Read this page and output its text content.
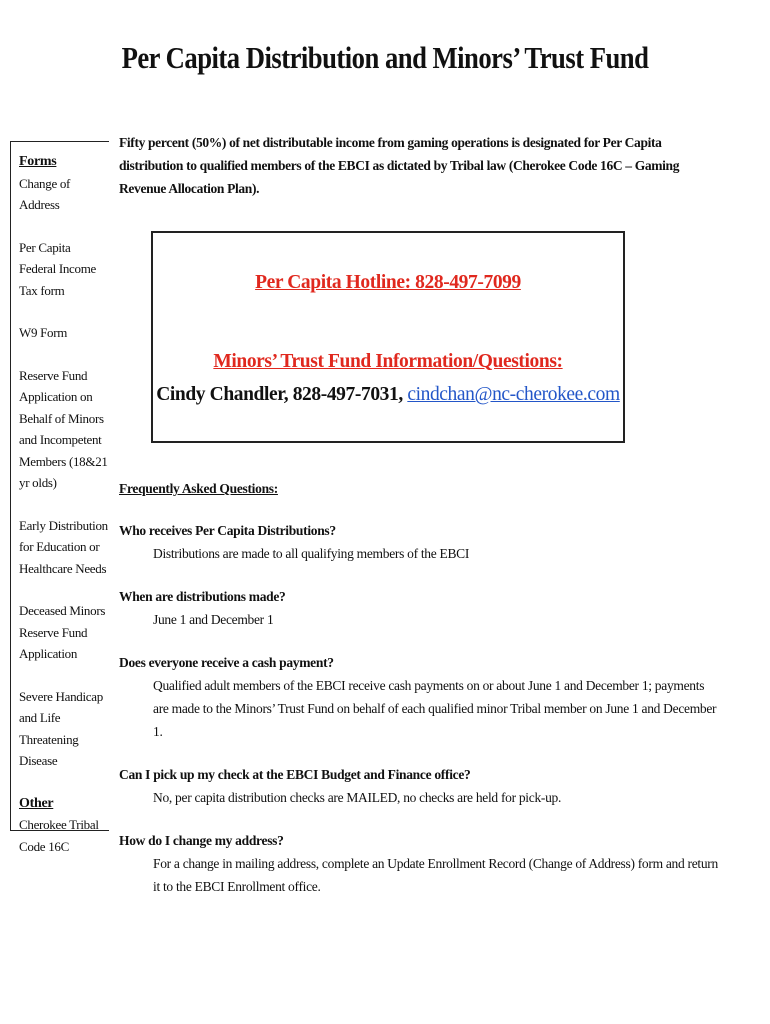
Per Capita Distribution and Minors’ Trust Fund
Forms
Change of Address
Per Capita Federal Income Tax form
W9 Form
Reserve Fund Application on Behalf of Minors and Incompetent Members (18&21 yr olds)
Early Distribution for Education or Healthcare Needs
Deceased Minors Reserve Fund Application
Severe Handicap and Life Threatening Disease
Other
Cherokee Tribal Code 16C
Fifty percent (50%) of net distributable income from gaming operations is designated for Per Capita distribution to qualified members of the EBCI as dictated by Tribal law (Cherokee Code 16C – Gaming Revenue Allocation Plan).
Per Capita Hotline: 828-497-7099
Minors’ Trust Fund Information/Questions:
Cindy Chandler, 828-497-7031, cindchan@nc-cherokee.com
Frequently Asked Questions:
Who receives Per Capita Distributions?
Distributions are made to all qualifying members of the EBCI
When are distributions made?
June 1 and December 1
Does everyone receive a cash payment?
Qualified adult members of the EBCI receive cash payments on or about June 1 and December 1; payments are made to the Minors’ Trust Fund on behalf of each qualified minor Tribal member on June 1 and December 1.
Can I pick up my check at the EBCI Budget and Finance office?
No, per capita distribution checks are MAILED, no checks are held for pick-up.
How do I change my address?
For a change in mailing address, complete an Update Enrollment Record (Change of Address) form and return it to the EBCI Enrollment office.
